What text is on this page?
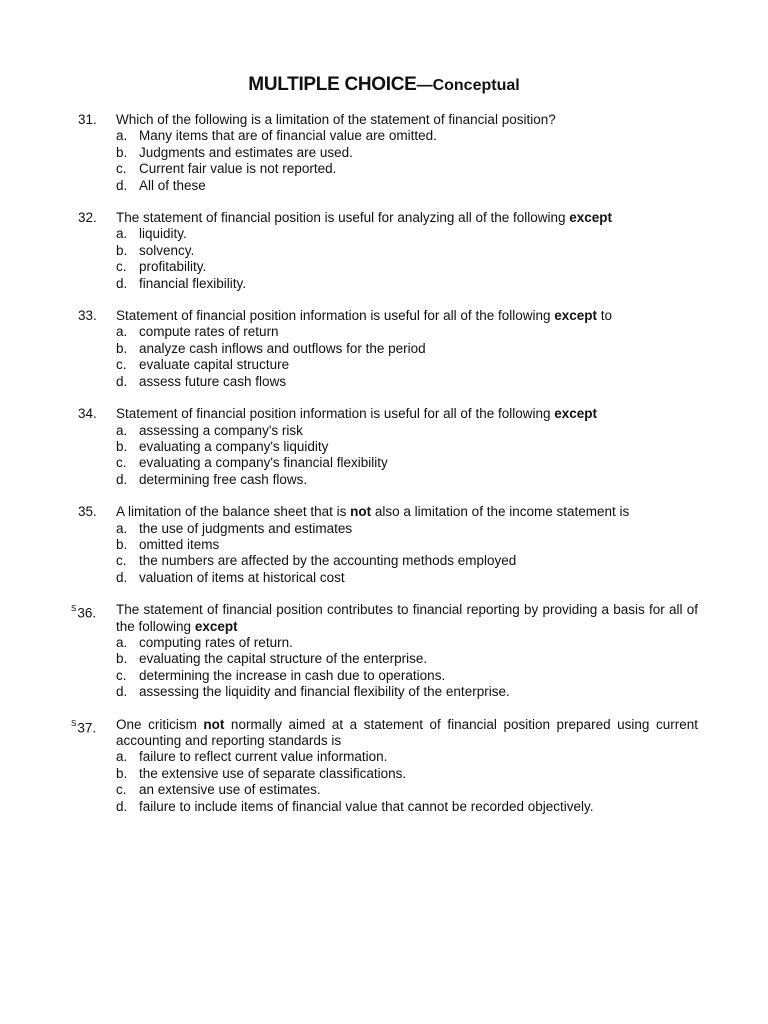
MULTIPLE CHOICE—Conceptual
31. Which of the following is a limitation of the statement of financial position?
a. Many items that are of financial value are omitted.
b. Judgments and estimates are used.
c. Current fair value is not reported.
d. All of these
32. The statement of financial position is useful for analyzing all of the following except
a. liquidity.
b. solvency.
c. profitability.
d. financial flexibility.
33. Statement of financial position information is useful for all of the following except to
a. compute rates of return
b. analyze cash inflows and outflows for the period
c. evaluate capital structure
d. assess future cash flows
34. Statement of financial position information is useful for all of the following except
a. assessing a company's risk
b. evaluating a company's liquidity
c. evaluating a company's financial flexibility
d. determining free cash flows.
35. A limitation of the balance sheet that is not also a limitation of the income statement is
a. the use of judgments and estimates
b. omitted items
c. the numbers are affected by the accounting methods employed
d. valuation of items at historical cost
$^S$36. The statement of financial position contributes to financial reporting by providing a basis for all of the following except
a. computing rates of return.
b. evaluating the capital structure of the enterprise.
c. determining the increase in cash due to operations.
d. assessing the liquidity and financial flexibility of the enterprise.
$^S$37. One criticism not normally aimed at a statement of financial position prepared using current accounting and reporting standards is
a. failure to reflect current value information.
b. the extensive use of separate classifications.
c. an extensive use of estimates.
d. failure to include items of financial value that cannot be recorded objectively.
